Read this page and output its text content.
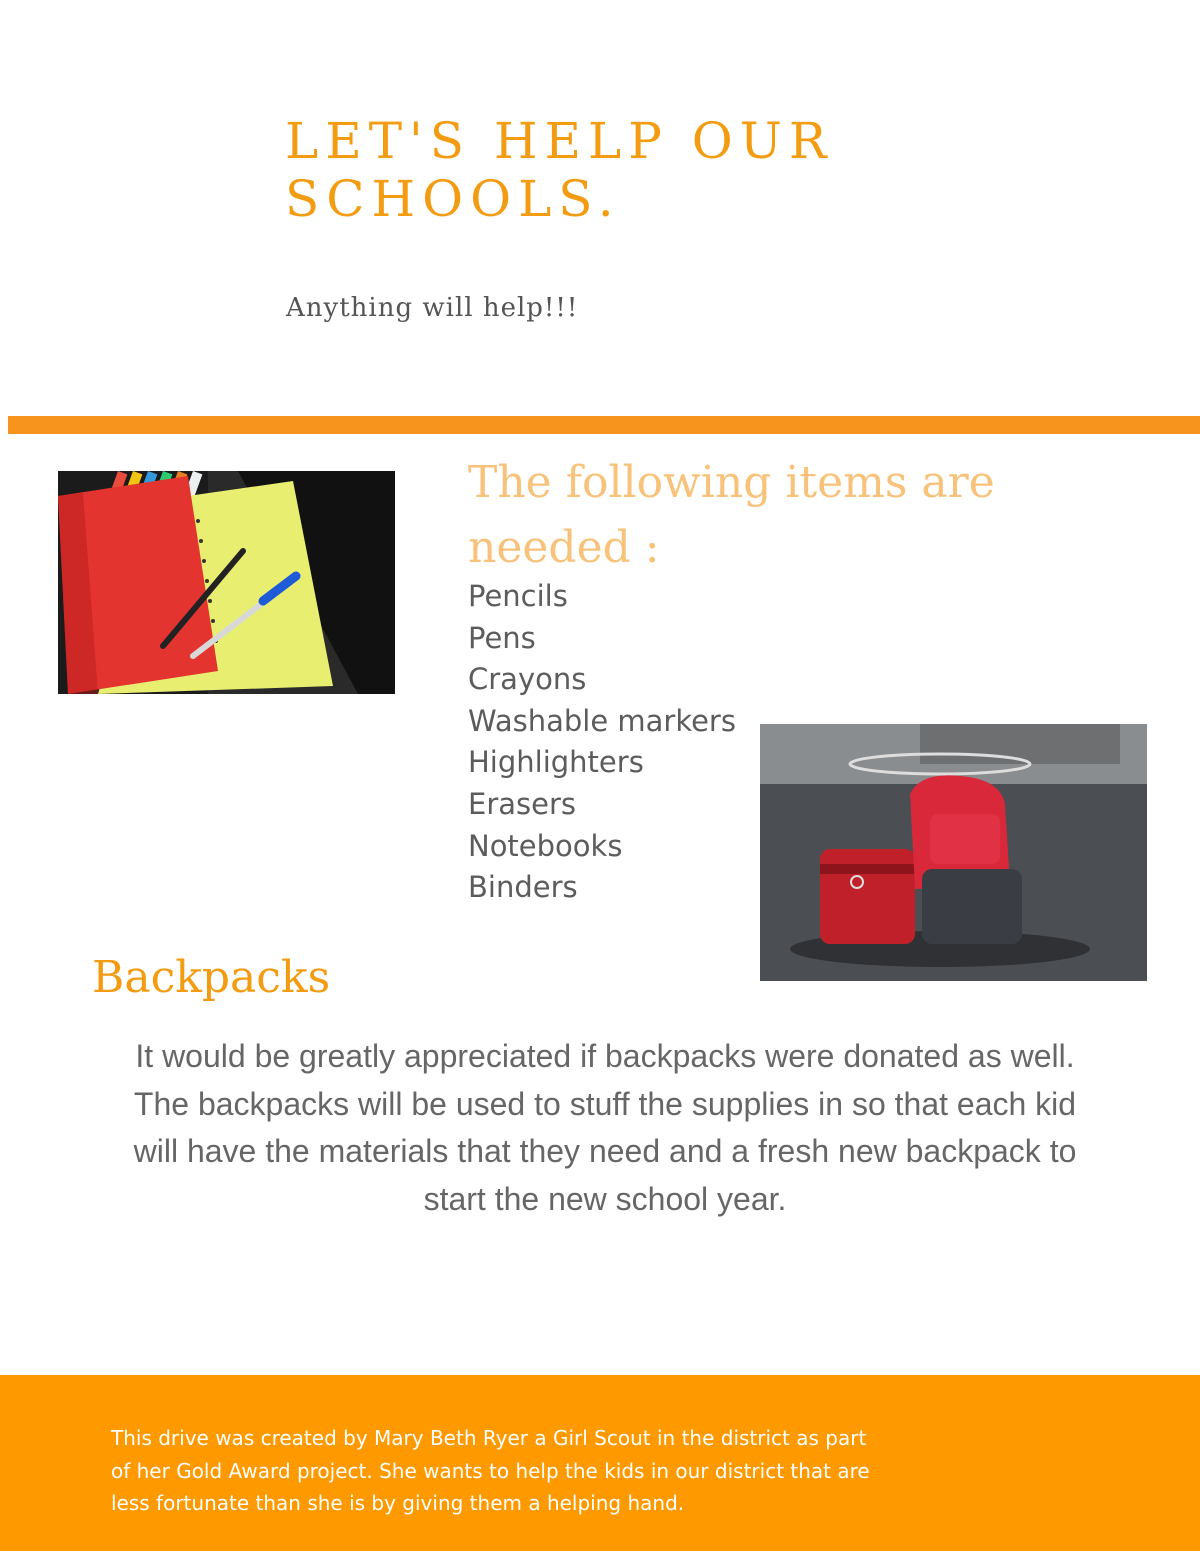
LET'S HELP OUR
SCHOOLS.

Anything will help!!!

The following items are needed :
Pencils
Pens
Crayons
Washable markers
Highlighters
Erasers
Notebooks
Binders
Backpacks

It would be greatly appreciated if backpacks were donated as well. The backpacks will be used to stuff the supplies in so that each kid will have the materials that they need and a fresh new backpack to start the new school year.

This drive was created by Mary Beth Ryer a Girl Scout in the district as part
of her Gold Award project. She wants to help the kids in our district that are
less fortunate than she is by giving them a helping hand.
